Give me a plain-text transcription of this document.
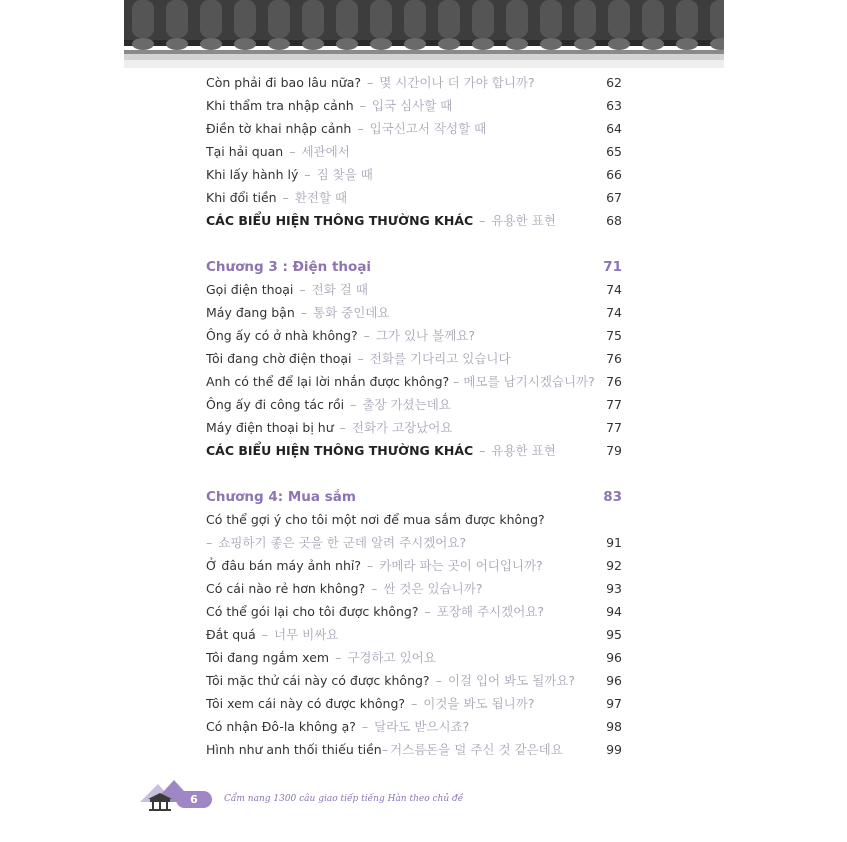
Còn phải đi bao lâu nữa? – 몇 시간이나 더 가야 합니까?	62
Khi thẩm tra nhập cảnh – 입국 심사할 때	63
Điền tờ khai nhập cảnh – 입국신고서 작성할 때	64
Tại hải quan – 세관에서	65
Khi lấy hành lý – 짐 찾을 때	66
Khi đổi tiền – 환전할 때	67
CÁC BIỂU HIỆN THÔNG THƯỜNG KHÁC – 유용한 표현	68
Chương 3 : Điện thoại	71
Gọi điện thoại – 전화 걸 때	74
Máy đang bận – 통화 중인데요	74
Ông ấy có ở nhà không? – 그가 있나 볼께요?	75
Tôi đang chờ điện thoại – 전화를 기다리고 있습니다	76
Anh có thể để lại lời nhắn được không? – 메모를 남기시겠습니까? 76
Ông ấy đi công tác rồi – 출장 가셨는데요	77
Máy điện thoại bị hư – 전화가 고장났어요	77
CÁC BIỂU HIỆN THÔNG THƯỜNG KHÁC – 유용한 표현	79
Chương 4: Mua sắm	83
Có thể gợi ý cho tôi một nơi để mua sắm được không?
– 쇼핑하기 좋은 곳을 한 군데 알려 주시겠어요?	91
Ở đâu bán máy ảnh nhỉ? – 카메라 파는 곳이 어디입니까?	92
Có cái nào rẻ hơn không? – 싼 것은 있습니까?	93
Có thể gói lại cho tôi được không? – 포장해 주시겠어요?	94
Đắt quá – 너무 비싸요	95
Tôi đang ngắm xem – 구경하고 있어요	96
Tôi mặc thử cái này có được không? – 이걸 입어 봐도 될까요? 96
Tôi xem cái này có được không? – 이것을 봐도 됩니까?	97
Có nhận Đô-la không ạ? – 달라도 받으시죠?	98
Hình như anh thối thiếu tiền– 거스름돈을 덜 주신 것 같은데요	99
6	Cẩm nang 1300 câu giao tiếp tiếng Hàn theo chủ đề
